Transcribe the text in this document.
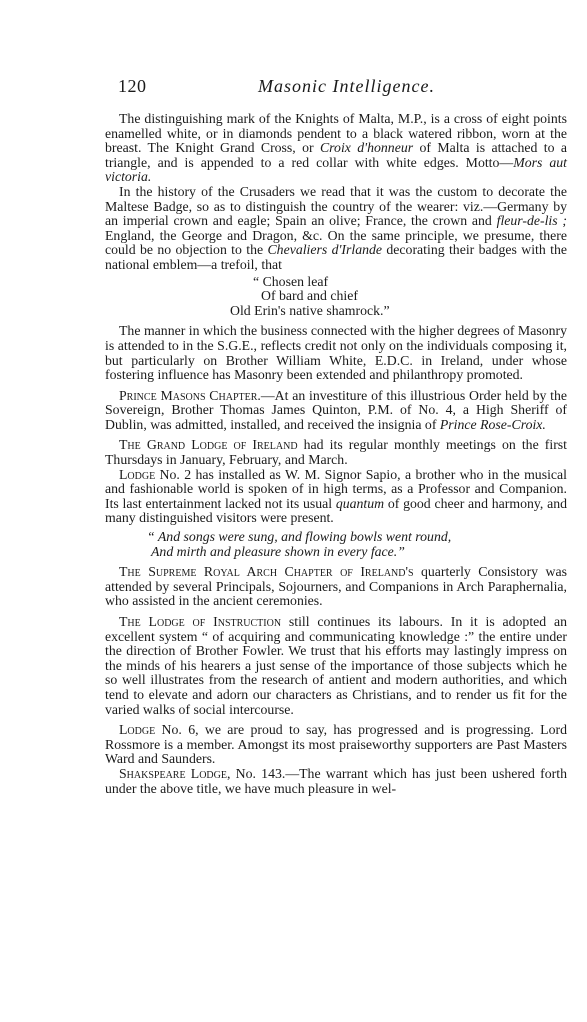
120	Masonic Intelligence.

The distinguishing mark of the Knights of Malta, M.P., is a cross of eight points enamelled white, or in diamonds pendent to a black watered ribbon, worn at the breast. The Knight Grand Cross, or Croix d'honneur of Malta is attached to a triangle, and is appended to a red collar with white edges. Motto—Mors aut victoria.

In the history of the Crusaders we read that it was the custom to decorate the Maltese Badge, so as to distinguish the country of the wearer: viz.—Germany by an imperial crown and eagle; Spain an olive; France, the crown and fleur-de-lis ; England, the George and Dragon, &c. On the same principle, we presume, there could be no objection to the Chevaliers d'Irlande decorating their badges with the national emblem—a trefoil, that

“ Chosen leaf
Of bard and chief
Old Erin's native shamrock.”

The manner in which the business connected with the higher degrees of Masonry is attended to in the S.G.E., reflects credit not only on the individuals composing it, but particularly on Brother William White, E.D.C. in Ireland, under whose fostering influence has Masonry been extended and philanthropy promoted.

Prince Masons Chapter.—At an investiture of this illustrious Order held by the Sovereign, Brother Thomas James Quinton, P.M. of No. 4, a High Sheriff of Dublin, was admitted, installed, and received the insignia of Prince Rose-Croix.

The Grand Lodge of Ireland had its regular monthly meetings on the first Thursdays in January, February, and March.

Lodge No. 2 has installed as W. M. Signor Sapio, a brother who in the musical and fashionable world is spoken of in high terms, as a Professor and Companion. Its last entertainment lacked not its usual quantum of good cheer and harmony, and many distinguished visitors were present.

“ And songs were sung, and flowing bowls went round,
And mirth and pleasure shown in every face.”

The Supreme Royal Arch Chapter of Ireland's quarterly Consistory was attended by several Principals, Sojourners, and Companions in Arch Paraphernalia, who assisted in the ancient ceremonies.

The Lodge of Instruction still continues its labours. In it is adopted an excellent system “ of acquiring and communicating knowledge :” the entire under the direction of Brother Fowler. We trust that his efforts may lastingly impress on the minds of his hearers a just sense of the importance of those subjects which he so well illustrates from the research of antient and modern authorities, and which tend to elevate and adorn our characters as Christians, and to render us fit for the varied walks of social intercourse.

Lodge No. 6, we are proud to say, has progressed and is progressing. Lord Rossmore is a member. Amongst its most praiseworthy supporters are Past Masters Ward and Saunders.

Shakspeare Lodge, No. 143.—The warrant which has just been ushered forth under the above title, we have much pleasure in wel-
